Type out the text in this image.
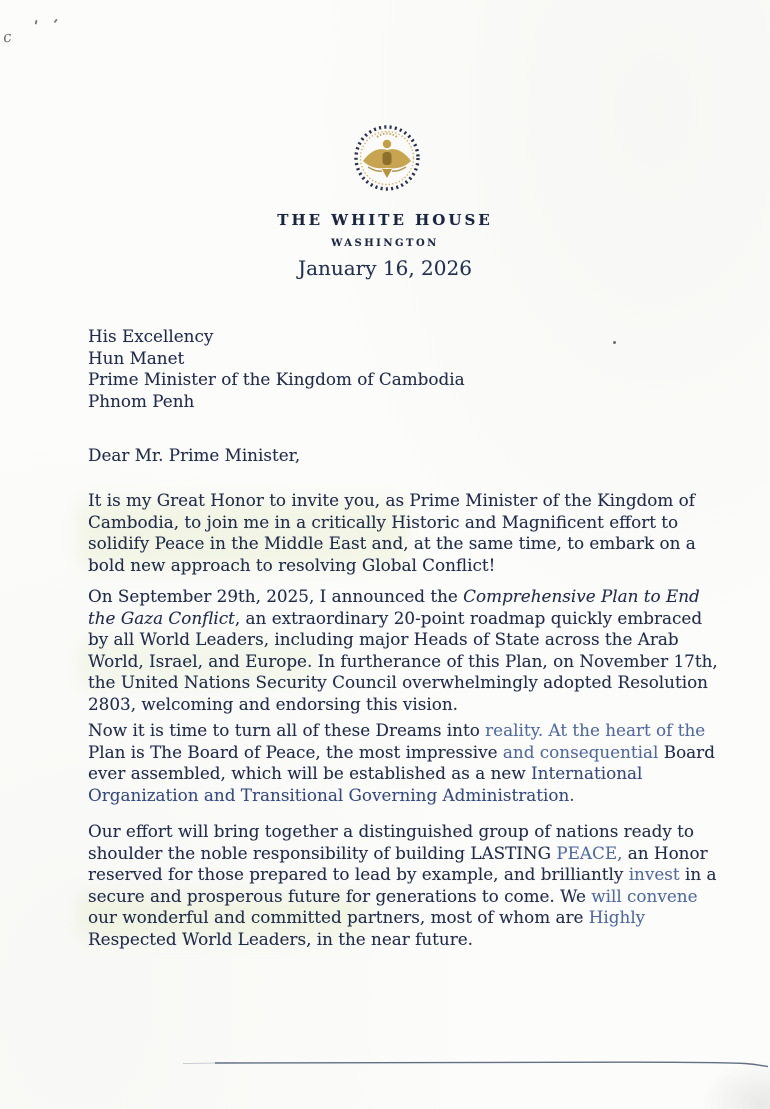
c
' '
THE WHITE HOUSE
WASHINGTON
January 16, 2026
His Excellency
Hun Manet
Prime Minister of the Kingdom of Cambodia
Phnom Penh
Dear Mr. Prime Minister,
It is my Great Honor to invite you, as Prime Minister of the Kingdom of
Cambodia, to join me in a critically Historic and Magnificent effort to
solidify Peace in the Middle East and, at the same time, to embark on a
bold new approach to resolving Global Conflict!
On September 29th, 2025, I announced the Comprehensive Plan to End
the Gaza Conflict, an extraordinary 20-point roadmap quickly embraced
by all World Leaders, including major Heads of State across the Arab
World, Israel, and Europe. In furtherance of this Plan, on November 17th,
the United Nations Security Council overwhelmingly adopted Resolution
2803, welcoming and endorsing this vision.
Now it is time to turn all of these Dreams into reality. At the heart of the
Plan is The Board of Peace, the most impressive and consequential Board
ever assembled, which will be established as a new International
Organization and Transitional Governing Administration.
Our effort will bring together a distinguished group of nations ready to
shoulder the noble responsibility of building LASTING PEACE, an Honor
reserved for those prepared to lead by example, and brilliantly invest in a
secure and prosperous future for generations to come. We will convene
our wonderful and committed partners, most of whom are Highly
Respected World Leaders, in the near future.
